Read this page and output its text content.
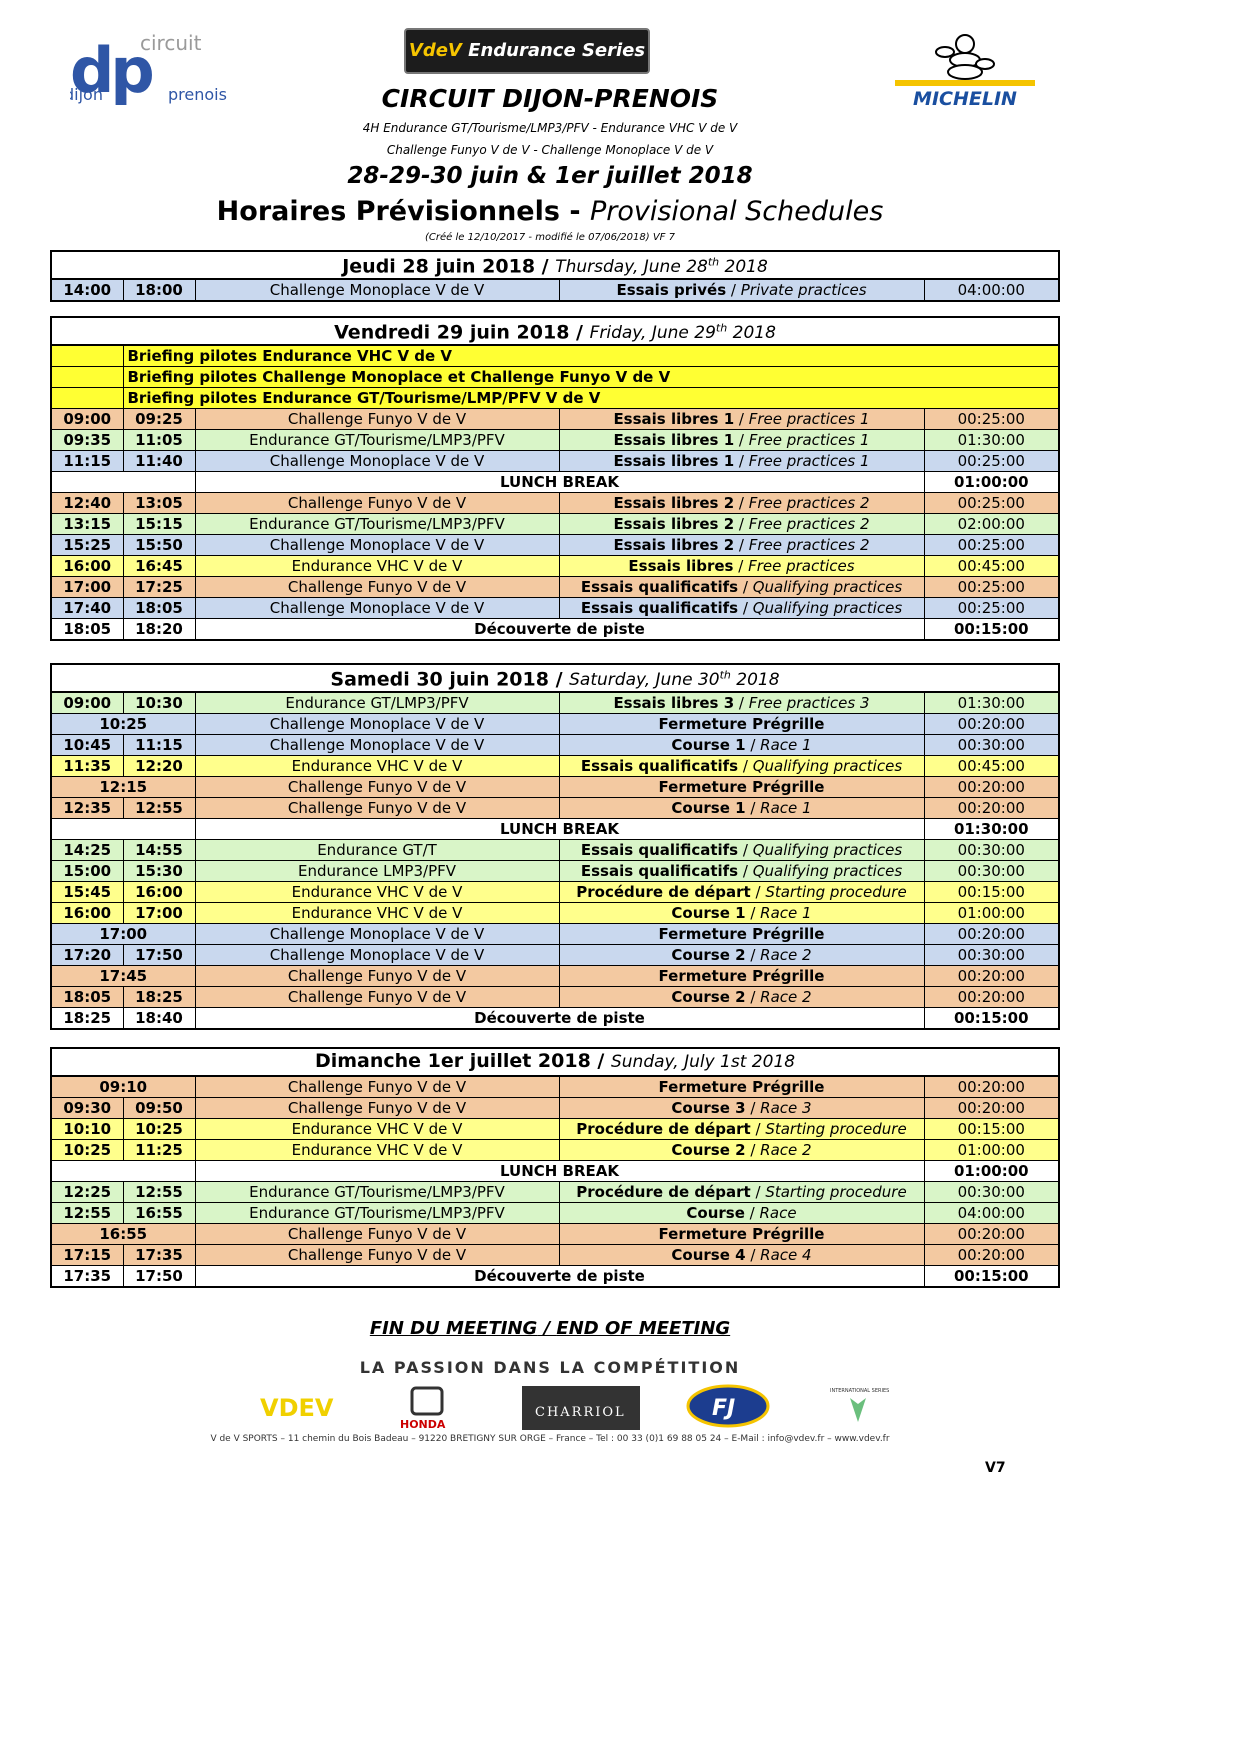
circuit
dp
ijon	prenois
VdeV Endurance Series
MICHELIN
CIRCUIT DIJON-PRENOIS
4H Endurance GT/Tourisme/LMP3/PFV - Endurance VHC V de V
Challenge Funyo V de V - Challenge Monoplace V de V
28-29-30 juin & 1er juillet 2018
Horaires Prévisionnels - Provisional Schedules
(Créé le 12/10/2017 - modifié le 07/06/2018) VF 7
Jeudi 28 juin 2018 / Thursday, June 28th 2018
14:00	18:00	Challenge Monoplace V de V	Essais privés / Private practices	04:00:00
Vendredi 29 juin 2018 / Friday, June 29th 2018				
	Briefing pilotes Endurance VHC V de V			
	Briefing pilotes Challenge Monoplace et Challenge Funyo V de V			
	Briefing pilotes Endurance GT/Tourisme/LMP/PFV V de V			
09:00	09:25	Challenge Funyo V de V	Essais libres 1 / Free practices 1	00:25:00
09:35	11:05	Endurance GT/Tourisme/LMP3/PFV	Essais libres 1 / Free practices 1	01:30:00
11:15	11:40	Challenge Monoplace V de V	Essais libres 1 / Free practices 1	00:25:00
		LUNCH BREAK		01:00:00
12:40	13:05	Challenge Funyo V de V	Essais libres 2 / Free practices 2	00:25:00
13:15	15:15	Endurance GT/Tourisme/LMP3/PFV	Essais libres 2 / Free practices 2	02:00:00
15:25	15:50	Challenge Monoplace V de V	Essais libres 2 / Free practices 2	00:25:00
16:00	16:45	Endurance VHC V de V	Essais libres / Free practices	00:45:00
17:00	17:25	Challenge Funyo V de V	Essais qualificatifs / Qualifying practices	00:25:00
17:40	18:05	Challenge Monoplace V de V	Essais qualificatifs / Qualifying practices	00:25:00
18:05	18:20	Découverte de piste		00:15:00
Samedi 30 juin 2018 / Saturday, June 30th 2018				
09:00	10:30	Endurance GT/LMP3/PFV	Essais libres 3 / Free practices 3	01:30:00
10:25		Challenge Monoplace V de V	Fermeture Prégrille	00:20:00
10:45	11:15	Challenge Monoplace V de V	Course 1 / Race 1	00:30:00
11:35	12:20	Endurance VHC V de V	Essais qualificatifs / Qualifying practices	00:45:00
12:15		Challenge Funyo V de V	Fermeture Prégrille	00:20:00
12:35	12:55	Challenge Funyo V de V	Course 1 / Race 1	00:20:00
		LUNCH BREAK		01:30:00
14:25	14:55	Endurance GT/T	Essais qualificatifs / Qualifying practices	00:30:00
15:00	15:30	Endurance LMP3/PFV	Essais qualificatifs / Qualifying practices	00:30:00
15:45	16:00	Endurance VHC V de V	Procédure de départ / Starting procedure	00:15:00
16:00	17:00	Endurance VHC V de V	Course 1 / Race 1	01:00:00
17:00		Challenge Monoplace V de V	Fermeture Prégrille	00:20:00
17:20	17:50	Challenge Monoplace V de V	Course 2 / Race 2	00:30:00
17:45		Challenge Funyo V de V	Fermeture Prégrille	00:20:00
18:05	18:25	Challenge Funyo V de V	Course 2 / Race 2	00:20:00
18:25	18:40	Découverte de piste		00:15:00
Dimanche 1er juillet 2018 / Sunday, July 1st 2018				
09:10		Challenge Funyo V de V	Fermeture Prégrille	00:20:00
09:30	09:50	Challenge Funyo V de V	Course 3 / Race 3	00:20:00
10:10	10:25	Endurance VHC V de V	Procédure de départ / Starting procedure	00:15:00
10:25	11:25	Endurance VHC V de V	Course 2 / Race 2	01:00:00
		LUNCH BREAK		01:00:00
12:25	12:55	Endurance GT/Tourisme/LMP3/PFV	Procédure de départ / Starting procedure	00:30:00
12:55	16:55	Endurance GT/Tourisme/LMP3/PFV	Course / Race	04:00:00
16:55		Challenge Funyo V de V	Fermeture Prégrille	00:20:00
17:15	17:35	Challenge Funyo V de V	Course 4 / Race 4	00:20:00
17:35	17:50	Découverte de piste		00:15:00
FIN DU MEETING / END OF MEETING
LA PASSION DANS LA COMPÉTITION
VDEV
HONDA
CHARRIOL	FJ
INTERNATIONAL SERIES
V de V SPORTS – 11 chemin du Bois Badeau – 91220 BRETIGNY SUR ORGE – France – Tel : 00 33 (0)1 69 88 05 24 – E-Mail : info@vdev.fr – www.vdev.fr
V7
